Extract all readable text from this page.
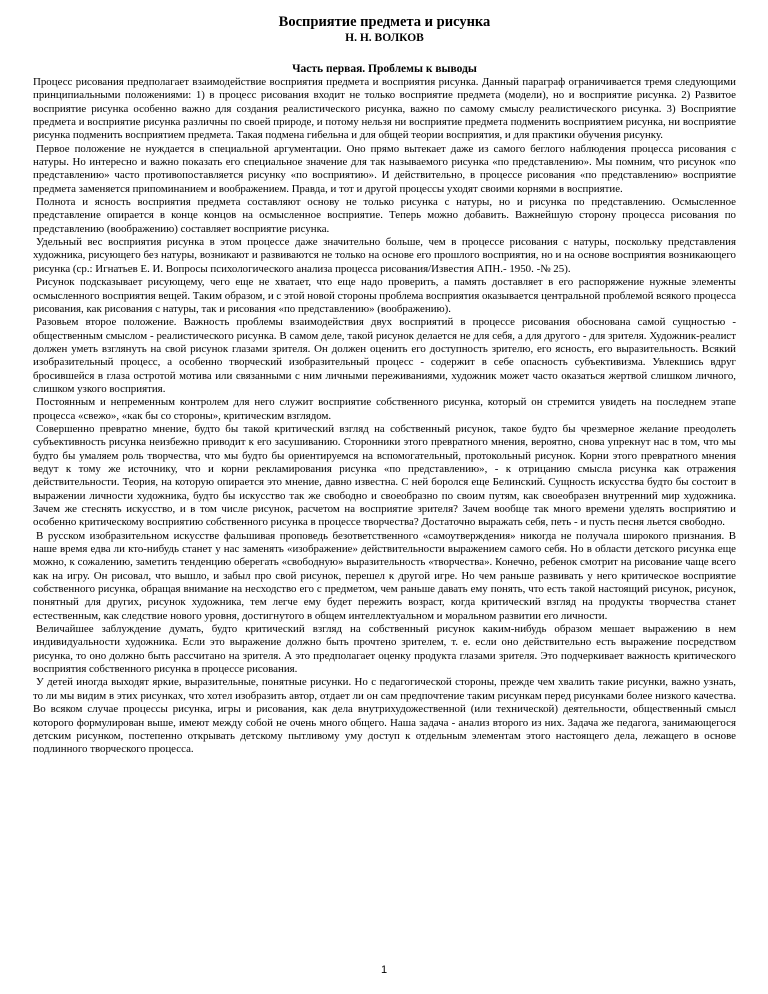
Восприятие предмета и рисунка
Н. Н. ВОЛКОВ
Часть первая. Проблемы к выводы

Процесс рисования предполагает взаимодействие восприятия предмета и восприятия рисунка. Данный параграф ограничивается тремя следующими принципиальными положениями: 1) в процесс рисования входит не только восприятие предмета (модели), но и восприятие рисунка. 2) Развитое восприятие рисунка особенно важно для создания реалистического рисунка, важно по самому смыслу реалистического рисунка. 3) Восприятие предмета и восприятие рисунка различны по своей природе, и потому нельзя ни восприятие предмета подменить восприятием рисунка, ни восприятие рисунка подменить восприятием предмета. Такая подмена гибельна и для общей теории восприятия, и для практики обучения рисунку.

Первое положение не нуждается в специальной аргументации. Оно прямо вытекает даже из самого беглого наблюдения процесса рисования с натуры. Но интересно и важно показать его специальное значение для так называемого рисунка «по представлению». Мы помним, что рисунок «по представлению» часто противопоставляется рисунку «по восприятию». И действительно, в процессе рисования «по представлению» восприятие предмета заменяется припоминанием и воображением. Правда, и тот и другой процессы уходят своими корнями в восприятие.

Полнота и ясность восприятия предмета составляют основу не только рисунка с натуры, но и рисунка по представлению. Осмысленное представление опирается в конце концов на осмысленное восприятие. Теперь можно добавить. Важнейшую сторону процесса рисования по представлению (воображению) составляет восприятие рисунка.

Удельный вес восприятия рисунка в этом процессе даже значительно больше, чем в процессе рисования с натуры, поскольку представления художника, рисующего без натуры, возникают и развиваются не только на основе его прошлого восприятия, но и на основе восприятия возникающего рисунка (ср.: Игнатьев Е. И. Вопросы психологического анализа процесса рисования/Известия АПН.- 1950. -№ 25).

Рисунок подсказывает рисующему, чего еще не хватает, что еще надо проверить, а память доставляет в его распоряжение нужные элементы осмысленного восприятия вещей. Таким образом, и с этой новой стороны проблема восприятия оказывается центральной проблемой всякого процесса рисования, как рисования с натуры, так и рисования «по представлению» (воображению).

Разовьем второе положение. Важность проблемы взаимодействия двух восприятий в процессе рисования обоснована самой сущностью - общественным смыслом - реалистического рисунка. В самом деле, такой рисунок делается не для себя, а для другого - для зрителя. Художник-реалист должен уметь взглянуть на свой рисунок глазами зрителя. Он должен оценить его доступность зрителю, его ясность, его выразительность. Всякий изобразительный процесс, а особенно творческий изобразительный процесс - содержит в себе опасность субъективизма. Увлекшись вдруг бросившейся в глаза остротой мотива или связанными с ним личными переживаниями, художник может часто оказаться жертвой слишком личного, слишком узкого восприятия.

Постоянным и непременным контролем для него служит восприятие собственного рисунка, который он стремится увидеть на последнем этапе процесса «свежо», «как бы со стороны», критическим взглядом.

Совершенно превратно мнение, будто бы такой критический взгляд на собственный рисунок, такое будто бы чрезмерное желание преодолеть субъективность рисунка неизбежно приводит к его засушиванию. Сторонники этого превратного мнения, вероятно, снова упрекнут нас в том, что мы будто бы умаляем роль творчества, что мы будто бы ориентируемся на вспомогательный, протокольный рисунок. Корни этого превратного мнения ведут к тому же источнику, что и корни рекламирования рисунка «по представлению», - к отрицанию смысла рисунка как отражения действительности. Теория, на которую опирается это мнение, давно известна. С ней боролся еще Белинский. Сущность искусства будто бы состоит в выражении личности художника, будто бы искусство так же свободно и своеобразно по своим путям, как своеобразен внутренний мир художника. Зачем же стеснять искусство, и в том числе рисунок, расчетом на восприятие зрителя? Зачем вообще так много времени уделять восприятию и особенно критическому восприятию собственного рисунка в процессе творчества? Достаточно выражать себя, петь - и пусть песня льется свободно.

В русском изобразительном искусстве фальшивая проповедь безответственного «самоутверждения» никогда не получала широкого признания. В наше время едва ли кто-нибудь станет у нас заменять «изображение» действительности выражением самого себя. Но в области детского рисунка еще можно, к сожалению, заметить тенденцию оберегать «свободную» выразительность «творчества». Конечно, ребенок смотрит на рисование чаще всего как на игру. Он рисовал, что вышло, и забыл про свой рисунок, перешел к другой игре. Но чем раньше развивать у него критическое восприятие собственного рисунка, обращая внимание на несходство его с предметом, чем раньше давать ему понять, что есть такой настоящий рисунок, рисунок, понятный для других, рисунок художника, тем легче ему будет пережить возраст, когда критический взгляд на продукты творчества станет естественным, как следствие нового уровня, достигнутого в общем интеллектуальном и моральном развитии его личности.

Величайшее заблуждение думать, будто критический взгляд на собственный рисунок каким-нибудь образом мешает выражению в нем индивидуальности художника. Если это выражение должно быть прочтено зрителем, т. е. если оно действительно есть выражение посредством рисунка, то оно должно быть рассчитано на зрителя. А это предполагает оценку продукта глазами зрителя. Это подчеркивает важность критического восприятия собственного рисунка в процессе рисования.

У детей иногда выходят яркие, выразительные, понятные рисунки. Но с педагогической стороны, прежде чем хвалить такие рисунки, важно узнать, то ли мы видим в этих рисунках, что хотел изобразить автор, отдает ли он сам предпочтение таким рисункам перед рисунками более низкого качества. Во всяком случае процессы рисунка, игры и рисования, как дела внутрихудожественной (или технической) деятельности, общественный смысл которого формулирован выше, имеют между собой не очень много общего. Наша задача - анализ второго из них. Задача же педагога, занимающегося детским рисунком, постепенно открывать детскому пытливому уму доступ к отдельным элементам этого настоящего дела, лежащего в основе подлинного творческого процесса.

1
